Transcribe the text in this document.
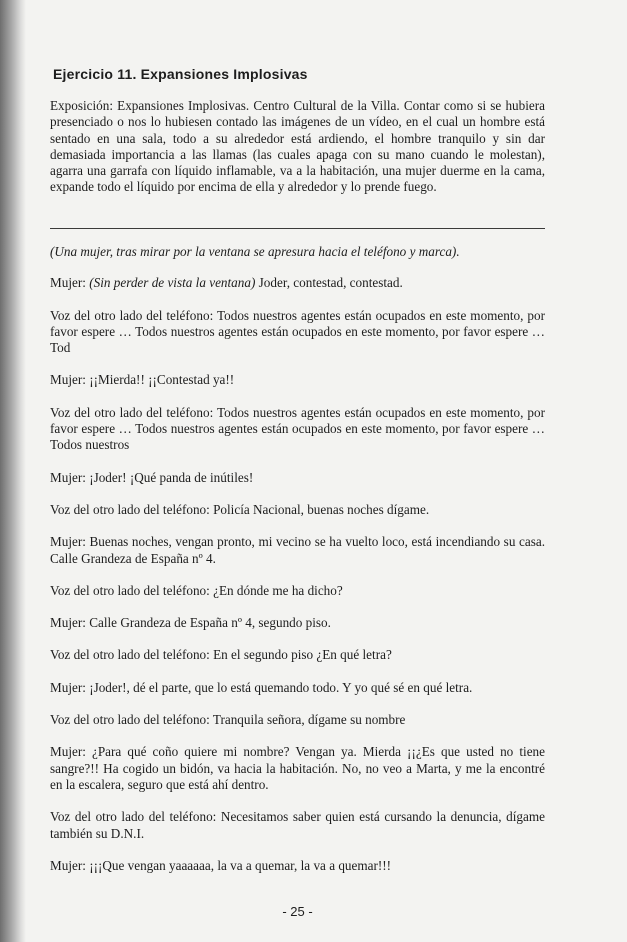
Ejercicio 11. Expansiones Implosivas

Exposición: Expansiones Implosivas. Centro Cultural de la Villa. Contar como si se hubiera presenciado o nos lo hubiesen contado las imágenes de un vídeo, en el cual un hombre está sentado en una sala, todo a su alrededor está ardiendo, el hombre tranquilo y sin dar demasiada importancia a las llamas (las cuales apaga con su mano cuando le molestan), agarra una garrafa con líquido inflamable, va a la habitación, una mujer duerme en la cama, expande todo el líquido por encima de ella y alrededor y lo prende fuego.

(Una mujer, tras mirar por la ventana se apresura hacia el teléfono y marca).

Mujer: (Sin perder de vista la ventana) Joder, contestad, contestad.

Voz del otro lado del teléfono: Todos nuestros agentes están ocupados en este momento, por favor espere … Todos nuestros agentes están ocupados en este momento, por favor espere … Tod

Mujer: ¡¡Mierda!! ¡¡Contestad ya!!

Voz del otro lado del teléfono: Todos nuestros agentes están ocupados en este momento, por favor espere … Todos nuestros agentes están ocupados en este momento, por favor espere … Todos nuestros

Mujer: ¡Joder! ¡Qué panda de inútiles!

Voz del otro lado del teléfono: Policía Nacional, buenas noches dígame.

Mujer: Buenas noches, vengan pronto, mi vecino se ha vuelto loco, está incendiando su casa. Calle Grandeza de España nº 4.

Voz del otro lado del teléfono: ¿En dónde me ha dicho?

Mujer: Calle Grandeza de España nº 4, segundo piso.

Voz del otro lado del teléfono: En el segundo piso ¿En qué letra?

Mujer: ¡Joder!, dé el parte, que lo está quemando todo. Y yo qué sé en qué letra.

Voz del otro lado del teléfono: Tranquila señora, dígame su nombre

Mujer: ¿Para qué coño quiere mi nombre? Vengan ya. Mierda ¡¡¿Es que usted no tiene sangre?!! Ha cogido un bidón, va hacia la habitación. No, no veo a Marta, y me la encontré en la escalera, seguro que está ahí dentro.

Voz del otro lado del teléfono: Necesitamos saber quien está cursando la denuncia, dígame también su D.N.I.

Mujer: ¡¡¡Que vengan yaaaaaa, la va a quemar, la va a quemar!!!

- 25 -
